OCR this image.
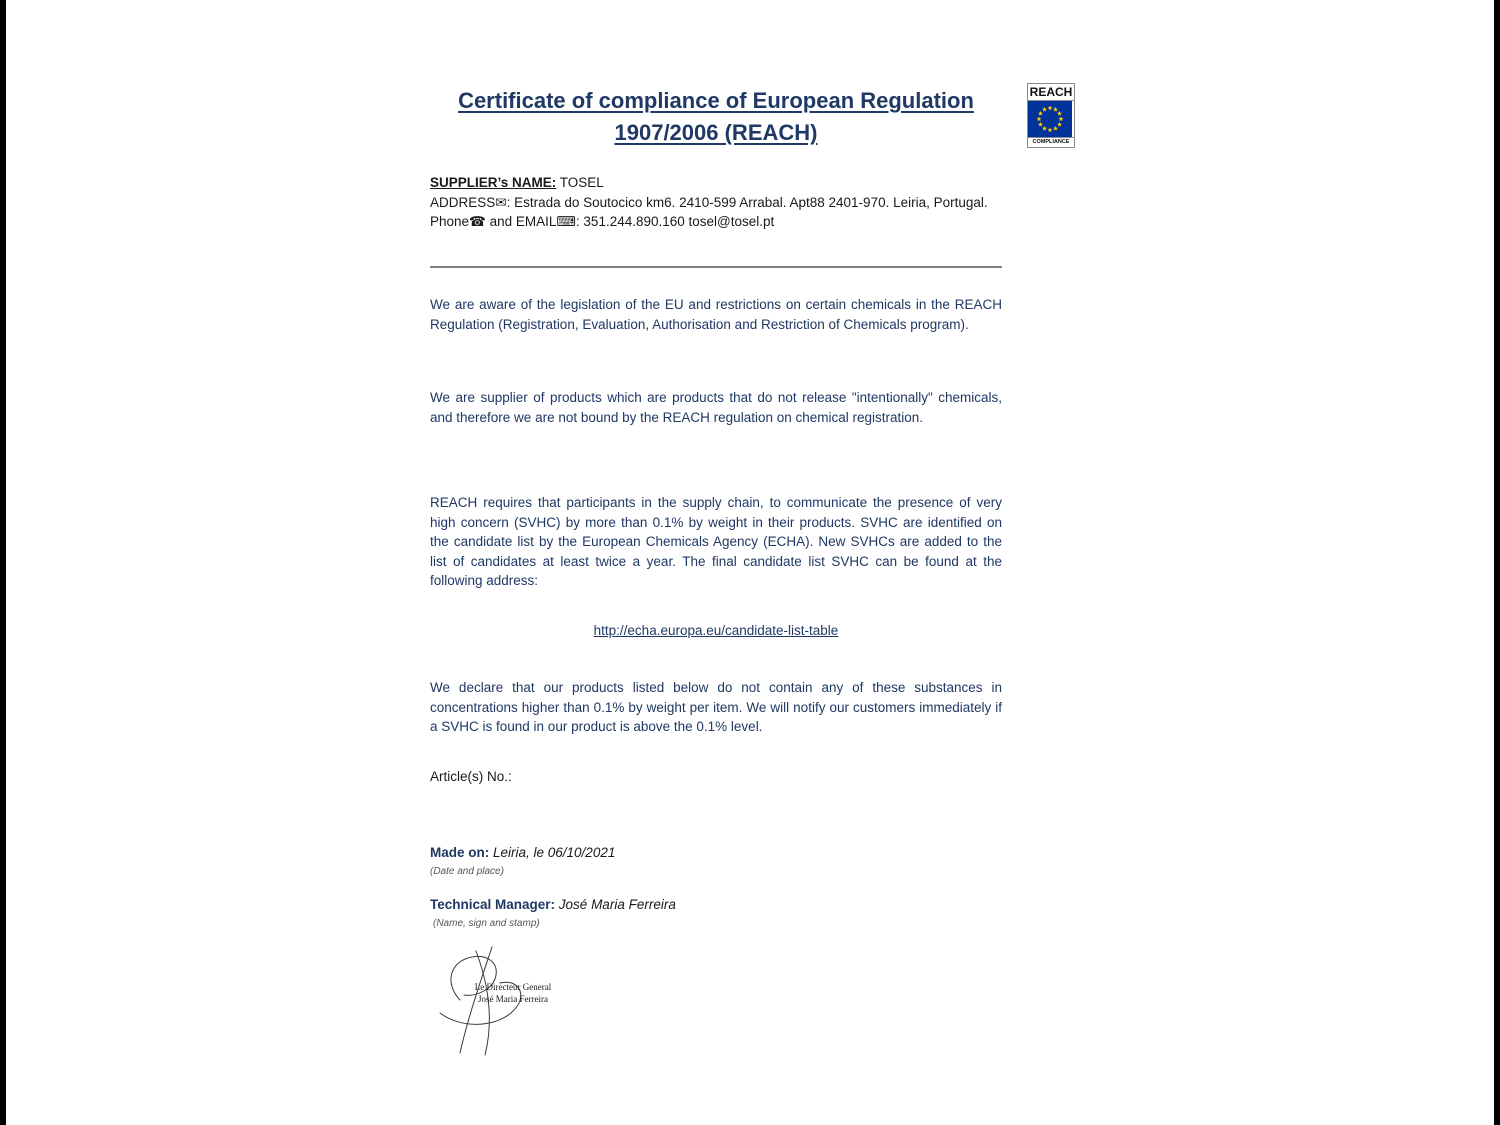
Certificate of compliance of European Regulation
1907/2006 (REACH)
REACH
COMPLIANCE
SUPPLIER’s NAME: TOSEL
ADDRESS✉: Estrada do Soutocico km6. 2410-599 Arrabal. Apt88 2401-970. Leiria, Portugal.
Phone☎ and EMAIL⌨: 351.244.890.160 tosel@tosel.pt
We are aware of the legislation of the EU and restrictions on certain chemicals in the REACH Regulation (Registration, Evaluation, Authorisation and Restriction of Chemicals program).
We are supplier of products which are products that do not release "intentionally" chemicals, and therefore we are not bound by the REACH regulation on chemical registration.
REACH requires that participants in the supply chain, to communicate the presence of very high concern (SVHC) by more than 0.1% by weight in their products. SVHC are identified on the candidate list by the European Chemicals Agency (ECHA). New SVHCs are added to the list of candidates at least twice a year. The final candidate list SVHC can be found at the following address:
http://echa.europa.eu/candidate-list-table
We declare that our products listed below do not contain any of these substances in concentrations higher than 0.1% by weight per item. We will notify our customers immediately if a SVHC is found in our product is above the 0.1% level.
Article(s) No.:
Made on: Leiria, le 06/10/2021
(Date and place)
Technical Manager: José Maria Ferreira
(Name, sign and stamp)
Le Directeur General
José Maria Ferreira
